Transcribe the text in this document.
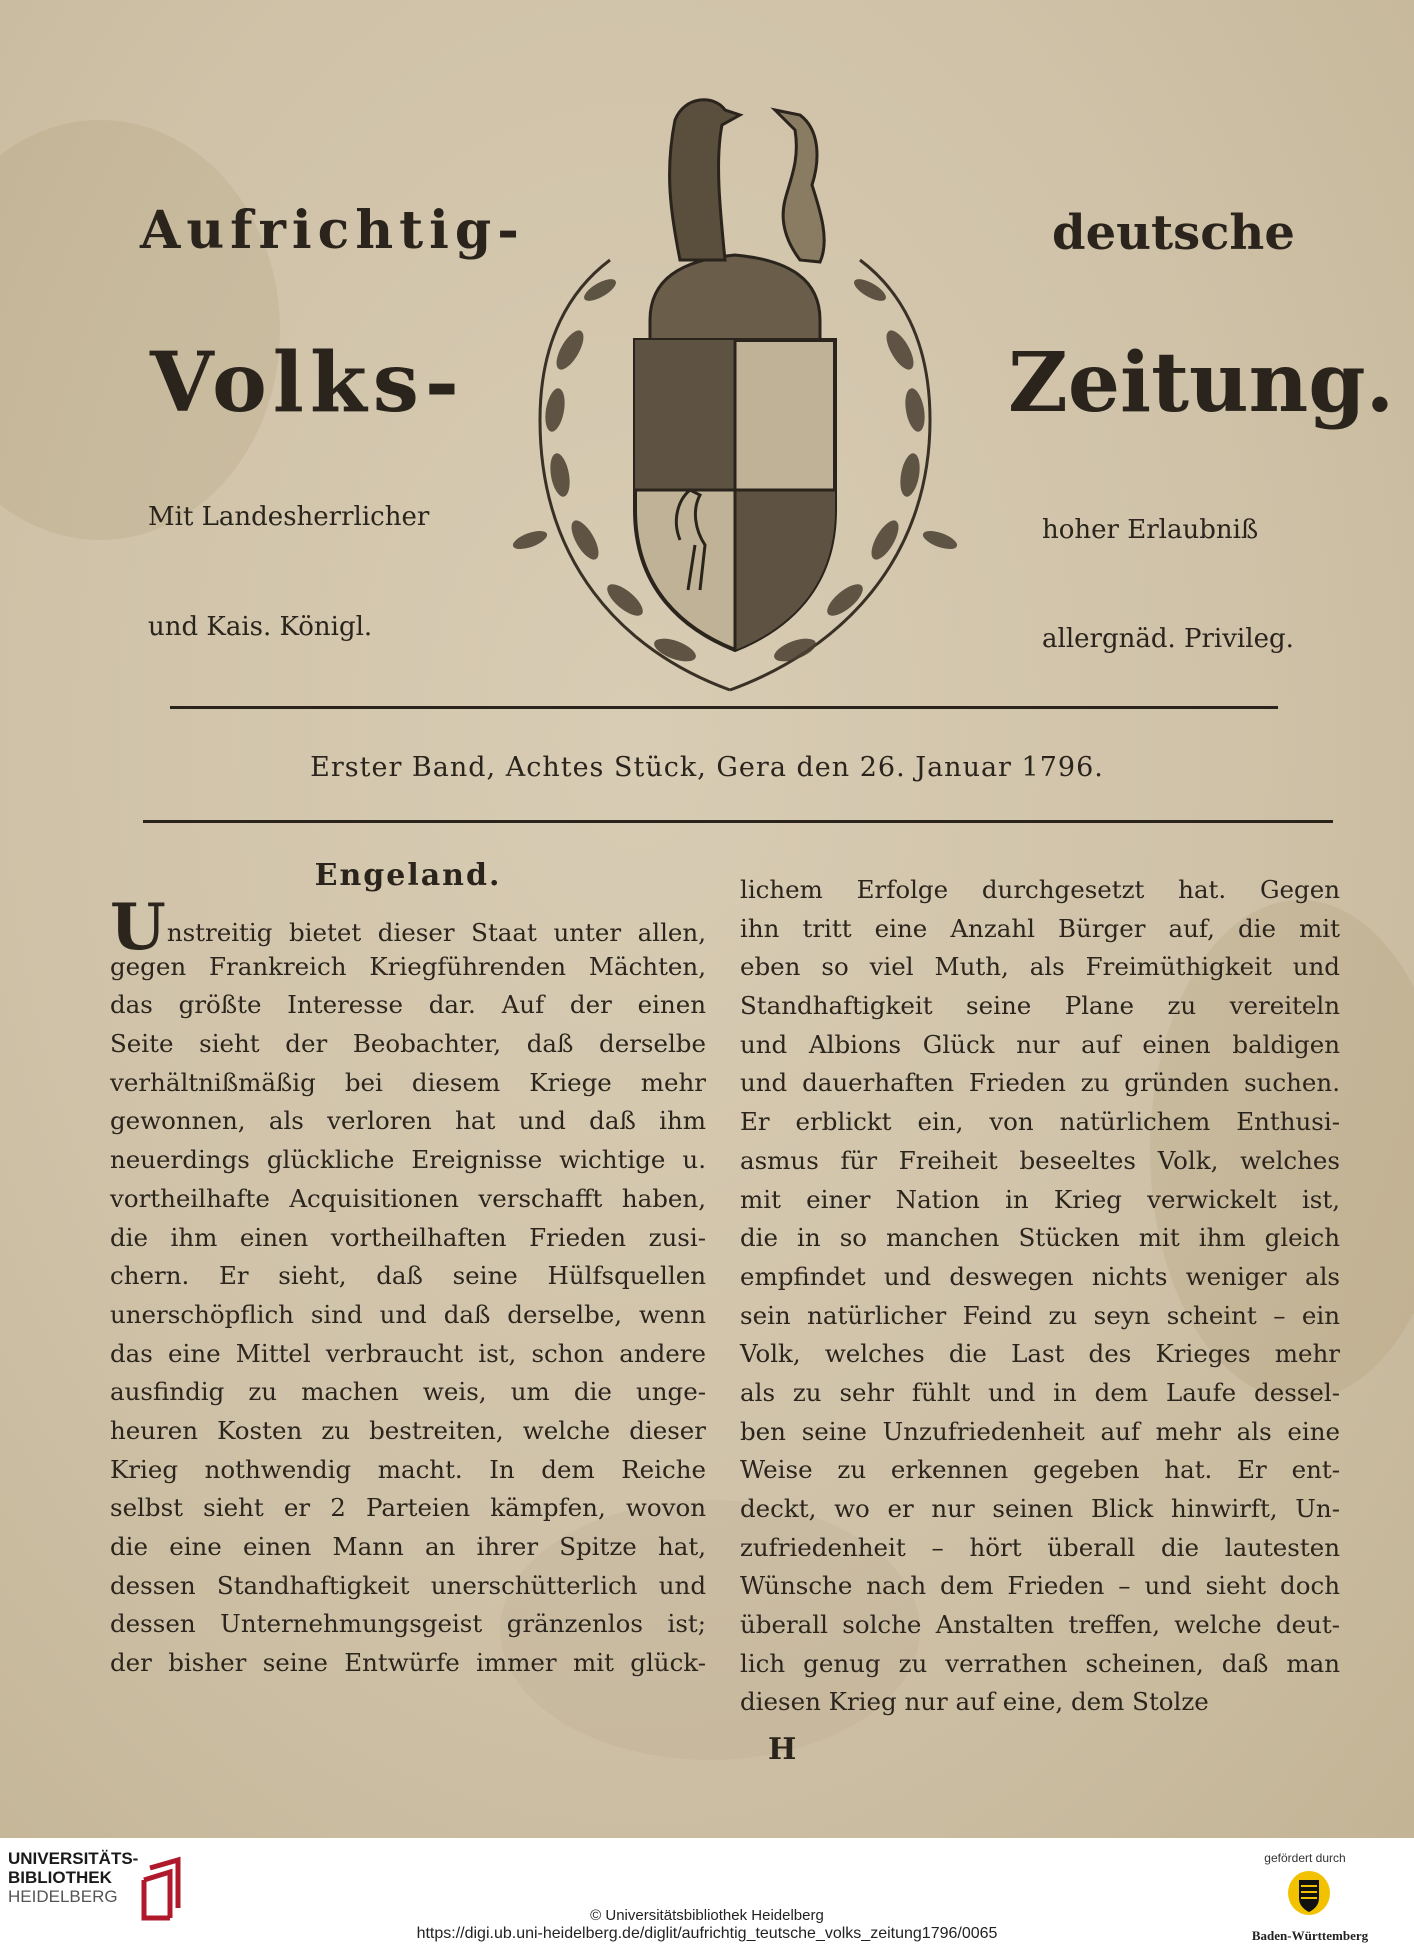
Aufrichtig-	deutsche
Volks-	Zeitung.
Mit Landesherrlicher	hoher Erlaubniß
und Kais. Königl.	allergnäd. Privileg.
Erster Band, Achtes Stück, Gera den 26. Januar 1796.
Engeland.
Unstreitig bietet dieser Staat unter allen,
gegen Frankreich Kriegführenden Mächten,
das größte Interesse dar. Auf der einen
Seite sieht der Beobachter, daß derselbe
verhältnißmäßig bei diesem Kriege mehr
gewonnen, als verloren hat und daß ihm
neuerdings glückliche Ereignisse wichtige u.
vortheilhafte Acquisitionen verschafft haben,
die ihm einen vortheilhaften Frieden zusi-
chern. Er sieht, daß seine Hülfsquellen
unerschöpflich sind und daß derselbe, wenn
das eine Mittel verbraucht ist, schon andere
ausfindig zu machen weis, um die unge-
heuren Kosten zu bestreiten, welche dieser
Krieg nothwendig macht. In dem Reiche
selbst sieht er 2 Parteien kämpfen, wovon
die eine einen Mann an ihrer Spitze hat,
dessen Standhaftigkeit unerschütterlich und
dessen Unternehmungsgeist gränzenlos ist;
der bisher seine Entwürfe immer mit glück-
lichem Erfolge durchgesetzt hat. Gegen
ihn tritt eine Anzahl Bürger auf, die mit
eben so viel Muth, als Freimüthigkeit und
Standhaftigkeit seine Plane zu vereiteln
und Albions Glück nur auf einen baldigen
und dauerhaften Frieden zu gründen suchen.
Er erblickt ein, von natürlichem Enthusi-
asmus für Freiheit beseeltes Volk, welches
mit einer Nation in Krieg verwickelt ist,
die in so manchen Stücken mit ihm gleich
empfindet und deswegen nichts weniger als
sein natürlicher Feind zu seyn scheint – ein
Volk, welches die Last des Krieges mehr
als zu sehr fühlt und in dem Laufe dessel-
ben seine Unzufriedenheit auf mehr als eine
Weise zu erkennen gegeben hat. Er ent-
deckt, wo er nur seinen Blick hinwirft, Un-
zufriedenheit – hört überall die lautesten
Wünsche nach dem Frieden – und sieht doch
überall solche Anstalten treffen, welche deut-
lich genug zu verrathen scheinen, daß man
diesen Krieg nur auf eine, dem Stolze
H
UNIVERSITÄTS-
BIBLIOTHEK
HEIDELBERG
© Universitätsbibliothek Heidelberg
https://digi.ub.uni-heidelberg.de/diglit/aufrichtig_teutsche_volks_zeitung1796/0065
gefördert durch
Baden-Württemberg
